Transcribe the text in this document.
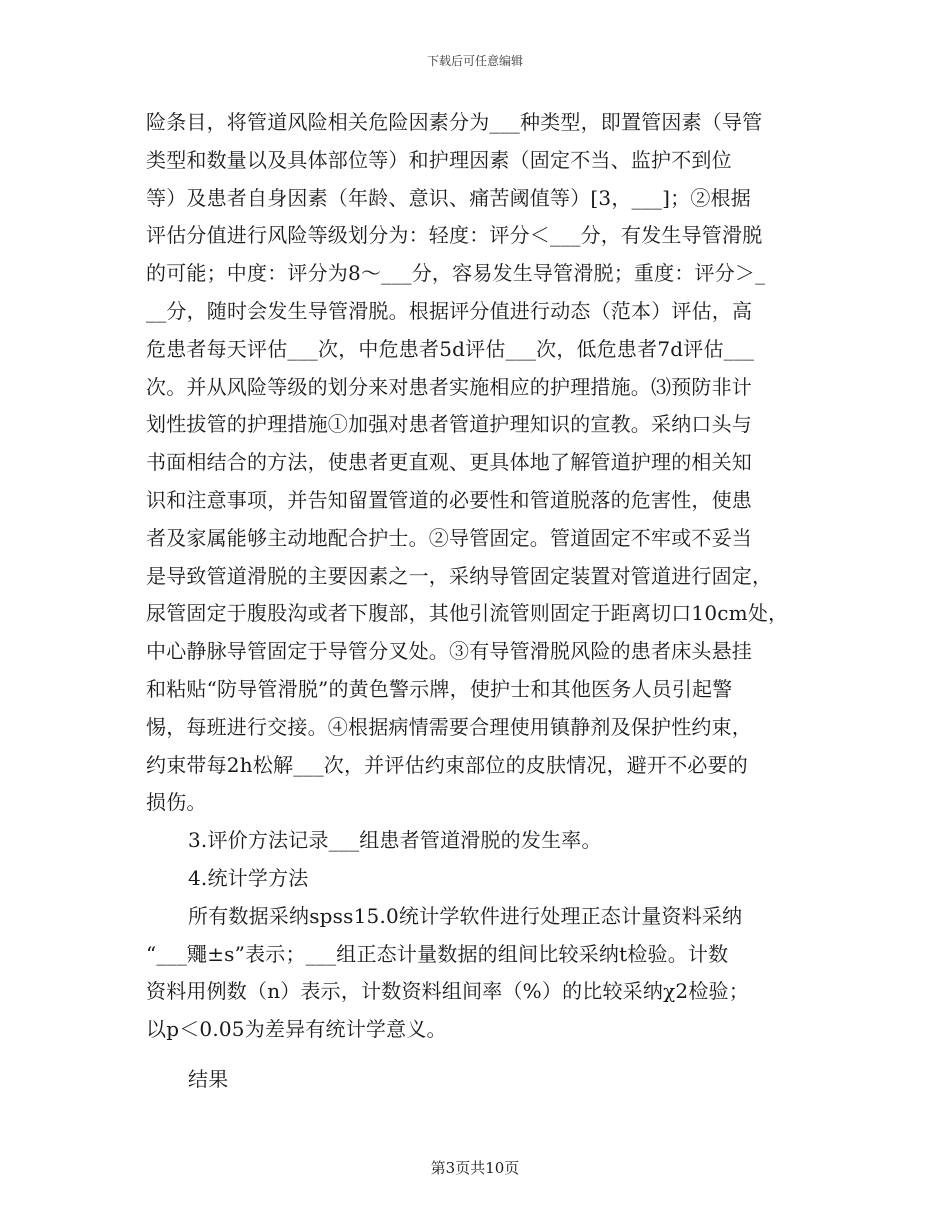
下载后可任意编辑
险条目，将管道风险相关危险因素分为___种类型，即置管因素（导管
类型和数量以及具体部位等）和护理因素（固定不当、监护不到位
等）及患者自身因素（年龄、意识、痛苦阈值等）[3，___]；②根据
评估分值进行风险等级划分为：轻度：评分＜___分，有发生导管滑脱
的可能；中度：评分为8～___分，容易发生导管滑脱；重度：评分＞_
__分，随时会发生导管滑脱。根据评分值进行动态（范本）评估，高
危患者每天评估___次，中危患者5d评估___次，低危患者7d评估___
次。并从风险等级的划分来对患者实施相应的护理措施。⑶预防非计
划性拔管的护理措施①加强对患者管道护理知识的宣教。采纳口头与
书面相结合的方法，使患者更直观、更具体地了解管道护理的相关知
识和注意事项，并告知留置管道的必要性和管道脱落的危害性，使患
者及家属能够主动地配合护士。②导管固定。管道固定不牢或不妥当
是导致管道滑脱的主要因素之一，采纳导管固定装置对管道进行固定，
尿管固定于腹股沟或者下腹部，其他引流管则固定于距离切口10cm处，
中心静脉导管固定于导管分叉处。③有导管滑脱风险的患者床头悬挂
和粘贴“防导管滑脱”的黄色警示牌，使护士和其他医务人员引起警
惕，每班进行交接。④根据病情需要合理使用镇静剂及保护性约束，
约束带每2h松解___次，并评估约束部位的皮肤情况，避开不必要的
损伤。
3.评价方法记录___组患者管道滑脱的发生率。
4.统计学方法
所有数据采纳spss15.0统计学软件进行处理正态计量资料采纳
“___鼆±s”表示；___组正态计量数据的组间比较采纳t检验。计数
资料用例数（n）表示，计数资料组间率（%）的比较采纳χ2检验；
以p＜0.05为差异有统计学意义。
结果
第3页共10页
